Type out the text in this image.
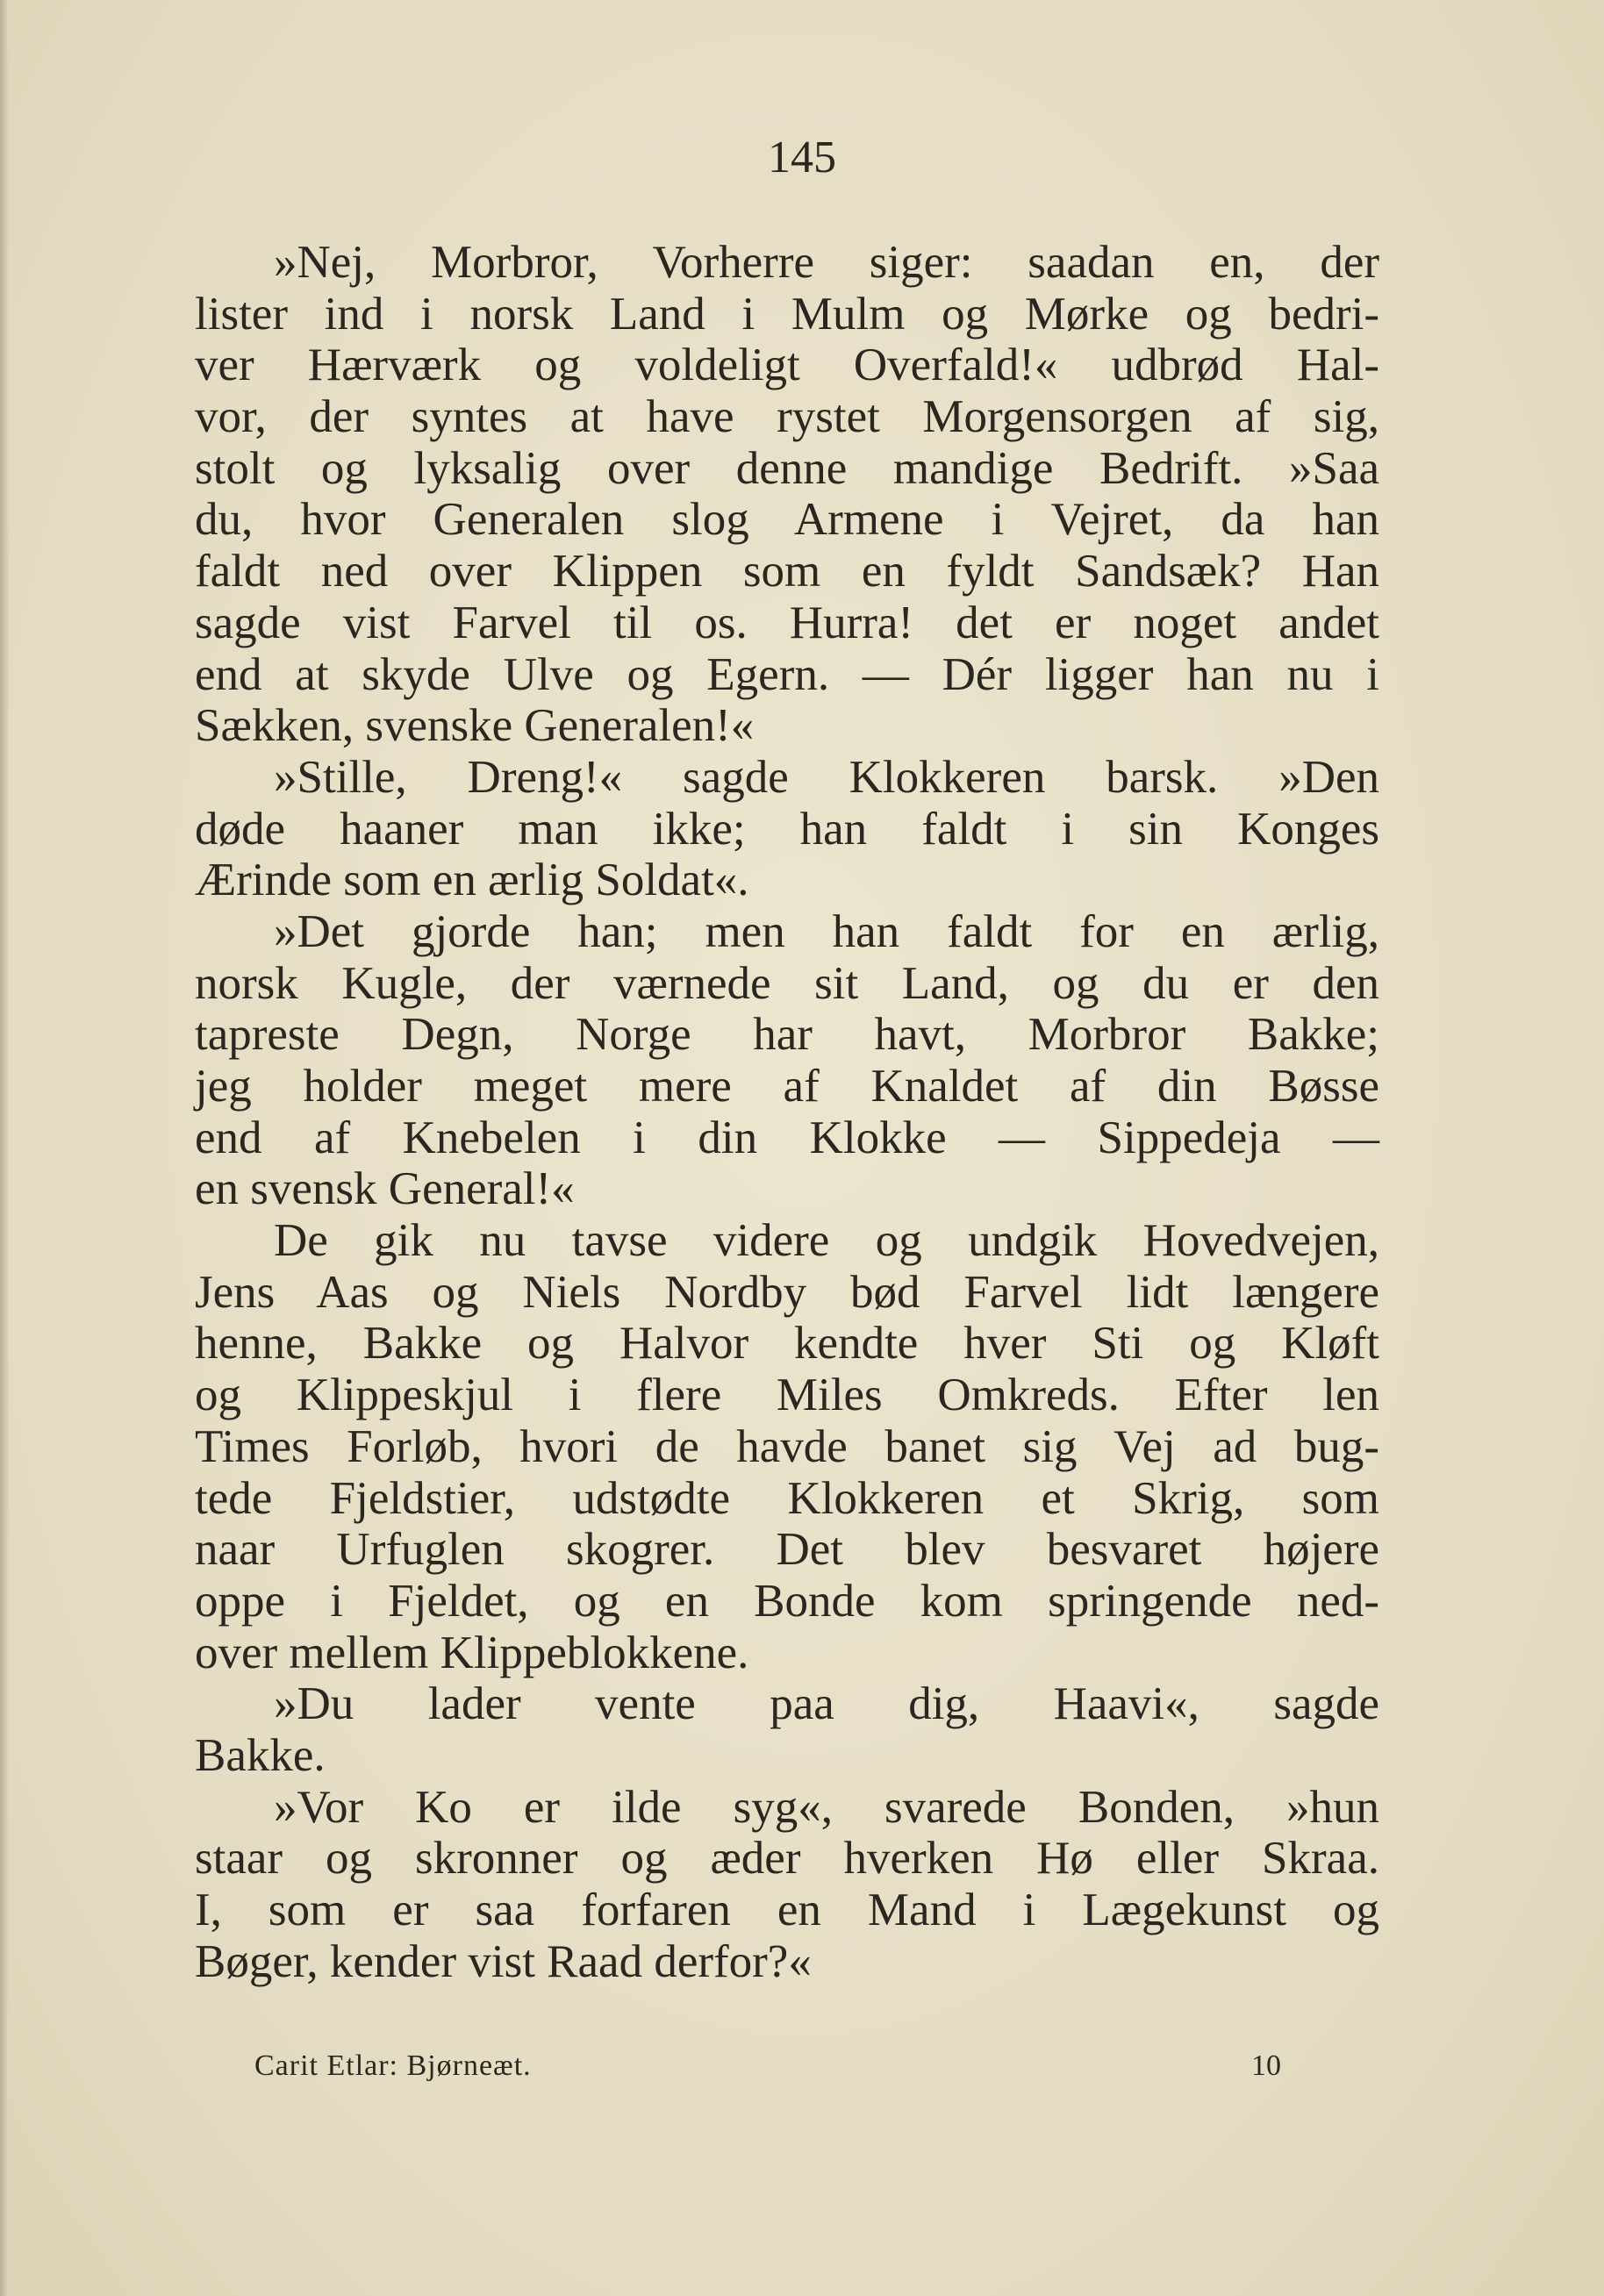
145
»Nej, Morbror, Vorherre siger: saadan en, der
lister ind i norsk Land i Mulm og Mørke og bedri-
ver Hærværk og voldeligt Overfald!« udbrød Hal-
vor, der syntes at have rystet Morgensorgen af sig,
stolt og lyksalig over denne mandige Bedrift. »Saa
du, hvor Generalen slog Armene i Vejret, da han
faldt ned over Klippen som en fyldt Sandsæk? Han
sagde vist Farvel til os. Hurra! det er noget andet
end at skyde Ulve og Egern. — Dér ligger han nu i
Sækken, svenske Generalen!«
»Stille, Dreng!« sagde Klokkeren barsk. »Den
døde haaner man ikke; han faldt i sin Konges
Ærinde som en ærlig Soldat«.
»Det gjorde han; men han faldt for en ærlig,
norsk Kugle, der værnede sit Land, og du er den
tapreste Degn, Norge har havt, Morbror Bakke;
jeg holder meget mere af Knaldet af din Bøsse
end af Knebelen i din Klokke — Sippedeja —
en svensk General!«
De gik nu tavse videre og undgik Hovedvejen,
Jens Aas og Niels Nordby bød Farvel lidt længere
henne, Bakke og Halvor kendte hver Sti og Kløft
og Klippeskjul i flere Miles Omkreds. Efter len
Times Forløb, hvori de havde banet sig Vej ad bug-
tede Fjeldstier, udstødte Klokkeren et Skrig, som
naar Urfuglen skogrer. Det blev besvaret højere
oppe i Fjeldet, og en Bonde kom springende ned-
over mellem Klippeblokkene.
»Du lader vente paa dig, Haavi«, sagde
Bakke.
»Vor Ko er ilde syg«, svarede Bonden, »hun
staar og skronner og æder hverken Hø eller Skraa.
I, som er saa forfaren en Mand i Lægekunst og
Bøger, kender vist Raad derfor?«
Carit Etlar: Bjørneæt.	10
